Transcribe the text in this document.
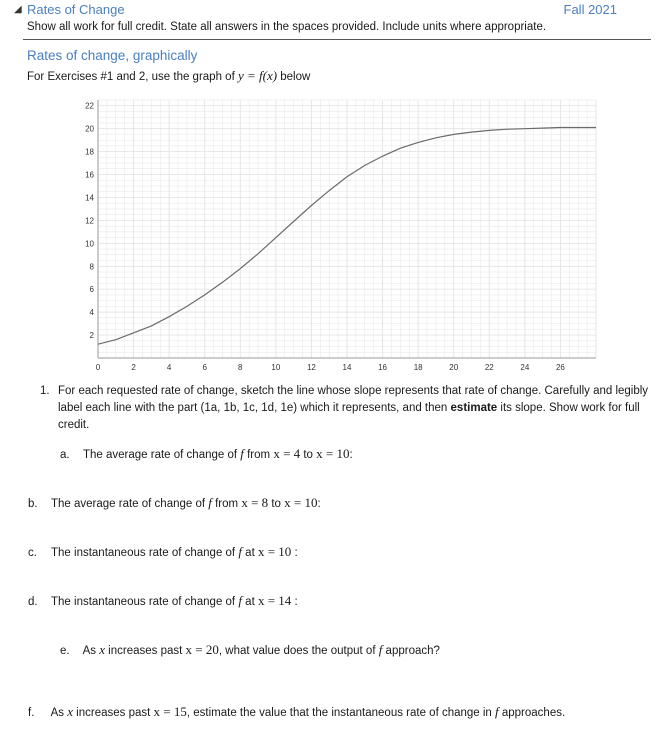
◢ Rates of Change	Fall 2021
Show all work for full credit. State all answers in the spaces provided. Include units where appropriate.
Rates of change, graphically
For Exercises #1 and 2, use the graph of y = f(x) below
0	2	4	6	8	10	12	14	16	18	20	22	24	26
2
4
6
8
10
12
14
16
18
20
22
1. For each requested rate of change, sketch the line whose slope represents that rate of change. Carefully and legibly label each line with the part (1a, 1b, 1c, 1d, 1e) which it represents, and then estimate its slope. Show work for full credit.
a. The average rate of change of f from x = 4 to x = 10:
b. The average rate of change of f from x = 8 to x = 10:
c. The instantaneous rate of change of f at x = 10 :
d. The instantaneous rate of change of f at x = 14 :
e. As x increases past x = 20, what value does the output of f approach?
f. As x increases past x = 15, estimate the value that the instantaneous rate of change in f approaches.
